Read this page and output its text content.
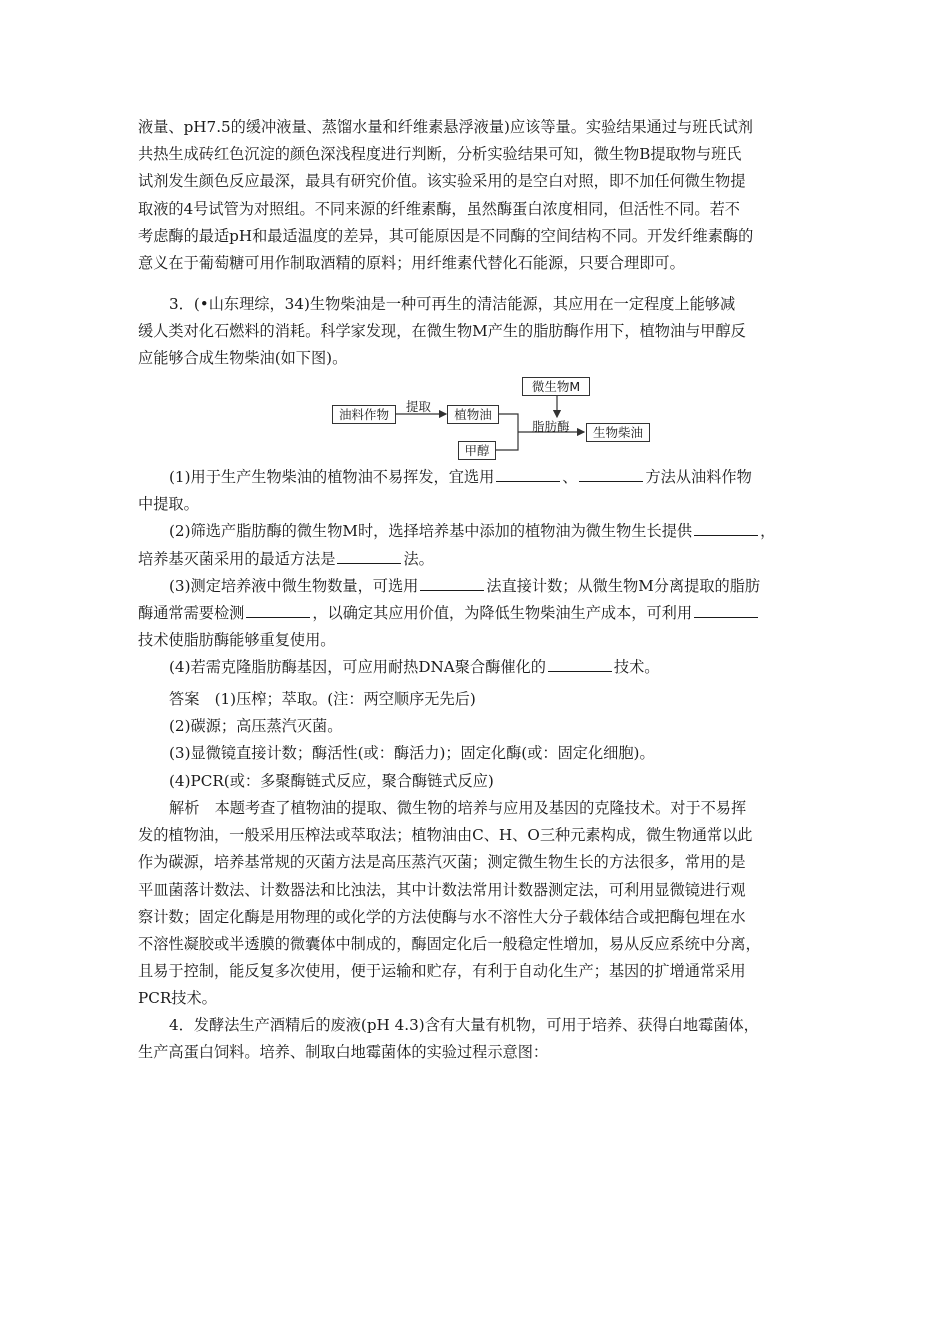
液量、pH7.5的缓冲液量、蒸馏水量和纤维素悬浮液量)应该等量。实验结果通过与班氏试剂
共热生成砖红色沉淀的颜色深浅程度进行判断，分析实验结果可知，微生物B提取物与班氏
试剂发生颜色反应最深，最具有研究价值。该实验采用的是空白对照，即不加任何微生物提
取液的4号试管为对照组。不同来源的纤维素酶，虽然酶蛋白浓度相同，但活性不同。若不
考虑酶的最适pH和最适温度的差异，其可能原因是不同酶的空间结构不同。开发纤维素酶的
意义在于葡萄糖可用作制取酒精的原料；用纤维素代替化石能源，只要合理即可。
3．(•山东理综，34)生物柴油是一种可再生的清洁能源，其应用在一定程度上能够减
缓人类对化石燃料的消耗。科学家发现，在微生物M产生的脂肪酶作用下，植物油与甲醇反
应能够合成生物柴油(如下图)。
油料作物
提取
植物油
微生物M
脂肪酶
甲醇
生物柴油
(1)用于生产生物柴油的植物油不易挥发，宜选用	、	方法从油料作物
中提取。
(2)筛选产脂肪酶的微生物M时，选择培养基中添加的植物油为微生物生长提供	，
培养基灭菌采用的最适方法是	法。
(3)测定培养液中微生物数量，可选用	法直接计数；从微生物M分离提取的脂肪
酶通常需要检测	，以确定其应用价值，为降低生物柴油生产成本，可利用
技术使脂肪酶能够重复使用。
(4)若需克隆脂肪酶基因，可应用耐热DNA聚合酶催化的	技术。
答案　(1)压榨；萃取。(注：两空顺序无先后)
(2)碳源；高压蒸汽灭菌。
(3)显微镜直接计数；酶活性(或：酶活力)；固定化酶(或：固定化细胞)。
(4)PCR(或：多聚酶链式反应，聚合酶链式反应)
解析　本题考查了植物油的提取、微生物的培养与应用及基因的克隆技术。对于不易挥
发的植物油，一般采用压榨法或萃取法；植物油由C、H、O三种元素构成，微生物通常以此
作为碳源，培养基常规的灭菌方法是高压蒸汽灭菌；测定微生物生长的方法很多，常用的是
平皿菌落计数法、计数器法和比浊法，其中计数法常用计数器测定法，可利用显微镜进行观
察计数；固定化酶是用物理的或化学的方法使酶与水不溶性大分子载体结合或把酶包埋在水
不溶性凝胶或半透膜的微囊体中制成的，酶固定化后一般稳定性增加，易从反应系统中分离，
且易于控制，能反复多次使用，便于运输和贮存，有利于自动化生产；基因的扩增通常采用
PCR技术。
4．发酵法生产酒精后的废液(pH 4.3)含有大量有机物，可用于培养、获得白地霉菌体，
生产高蛋白饲料。培养、制取白地霉菌体的实验过程示意图：
